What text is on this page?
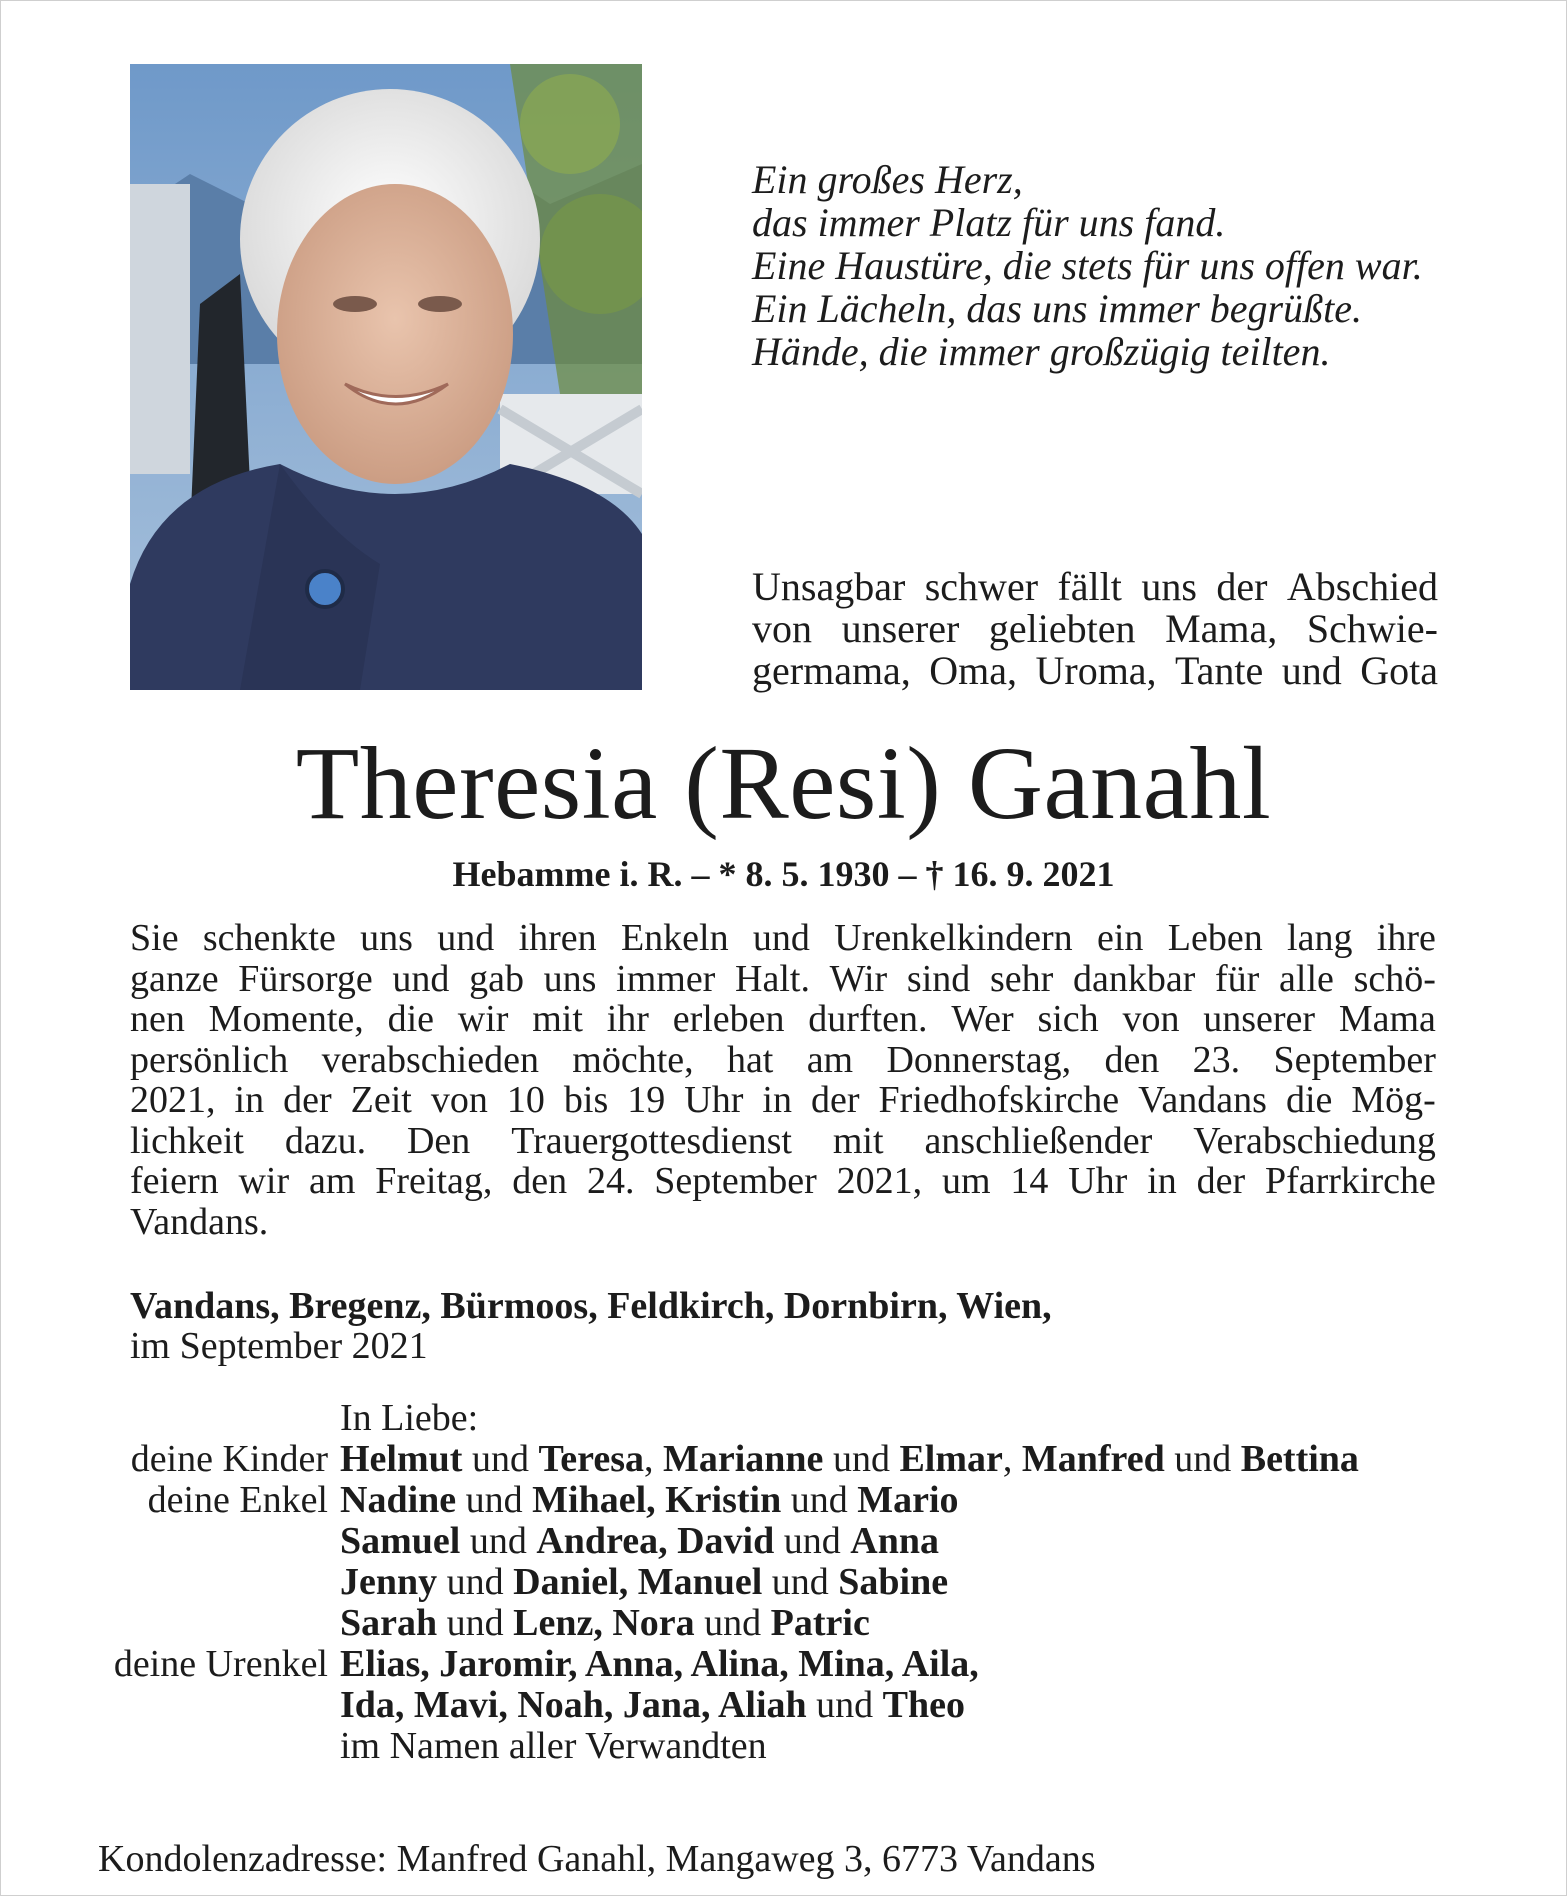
Ein großes Herz,
das immer Platz für uns fand.
Eine Haustüre, die stets für uns offen war.
Ein Lächeln, das uns immer begrüßte.
Hände, die immer großzügig teilten.
Unsagbar schwer fällt uns der Abschied
von unserer geliebten Mama, Schwie-
germama, Oma, Uroma, Tante und Gota
Theresia (Resi) Ganahl
Hebamme i. R. – * 8. 5. 1930 – † 16. 9. 2021
Sie schenkte uns und ihren Enkeln und Urenkelkindern ein Leben lang ihre
ganze Fürsorge und gab uns immer Halt. Wir sind sehr dankbar für alle schö-
nen Momente, die wir mit ihr erleben durften. Wer sich von unserer Mama
persönlich verabschieden möchte, hat am Donnerstag, den 23. September
2021, in der Zeit von 10 bis 19 Uhr in der Friedhofskirche Vandans die Mög-
lichkeit dazu. Den Trauergottesdienst mit anschließender Verabschiedung
feiern wir am Freitag, den 24. September 2021, um 14 Uhr in der Pfarrkirche
Vandans.
Vandans, Bregenz, Bürmoos, Feldkirch, Dornbirn, Wien,
im September 2021
In Liebe:
deine Kinder Helmut und Teresa, Marianne und Elmar, Manfred und Bettina
deine Enkel Nadine und Mihael, Kristin und Mario
Samuel und Andrea, David und Anna
Jenny und Daniel, Manuel und Sabine
Sarah und Lenz, Nora und Patric
deine Urenkel Elias, Jaromir, Anna, Alina, Mina, Aila,
Ida, Mavi, Noah, Jana, Aliah und Theo
im Namen aller Verwandten
Kondolenzadresse: Manfred Ganahl, Mangaweg 3, 6773 Vandans
